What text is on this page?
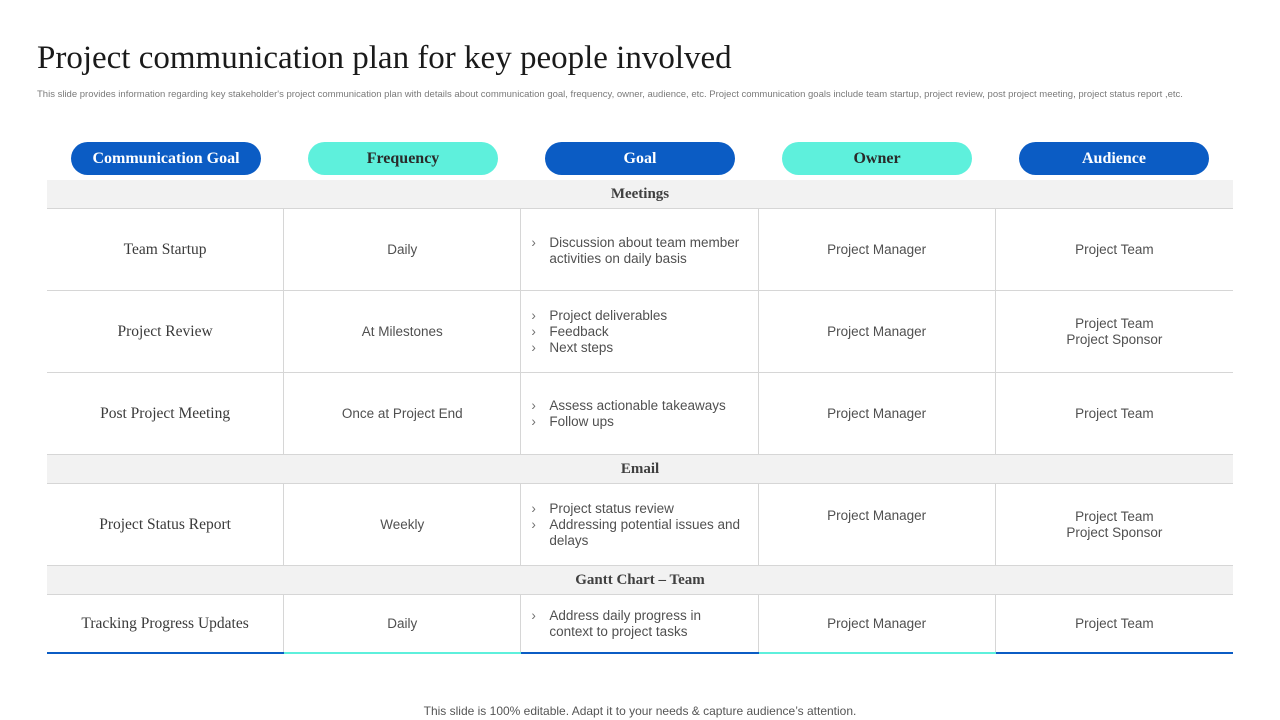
Project communication plan for key people involved
This slide provides information regarding key stakeholder's project communication plan with details about communication goal, frequency, owner, audience, etc. Project communication goals include team startup, project review, post project meeting, project status report ,etc.
Communication Goal	Frequency	Goal	Owner	Audience
Meetings
Team Startup	Daily
›	Discussion about team member activities on daily basis
Project Manager	Project Team
Project Review	At Milestones
› Project deliverables
› Feedback
› Next steps
Project Manager
Project Team
Project Sponsor
Post Project Meeting	Once at Project End
› Assess actionable takeaways
› Follow ups
Project Manager	Project Team
Email
Project Status Report	Weekly
› Project status review
› Addressing potential issues and delays
Project Manager	Project Team
Project Sponsor
Gantt Chart – Team
Tracking Progress Updates	Daily
› Address daily progress in context to project tasks
Project Manager	Project Team
This slide is 100% editable. Adapt it to your needs & capture audience’s attention.
